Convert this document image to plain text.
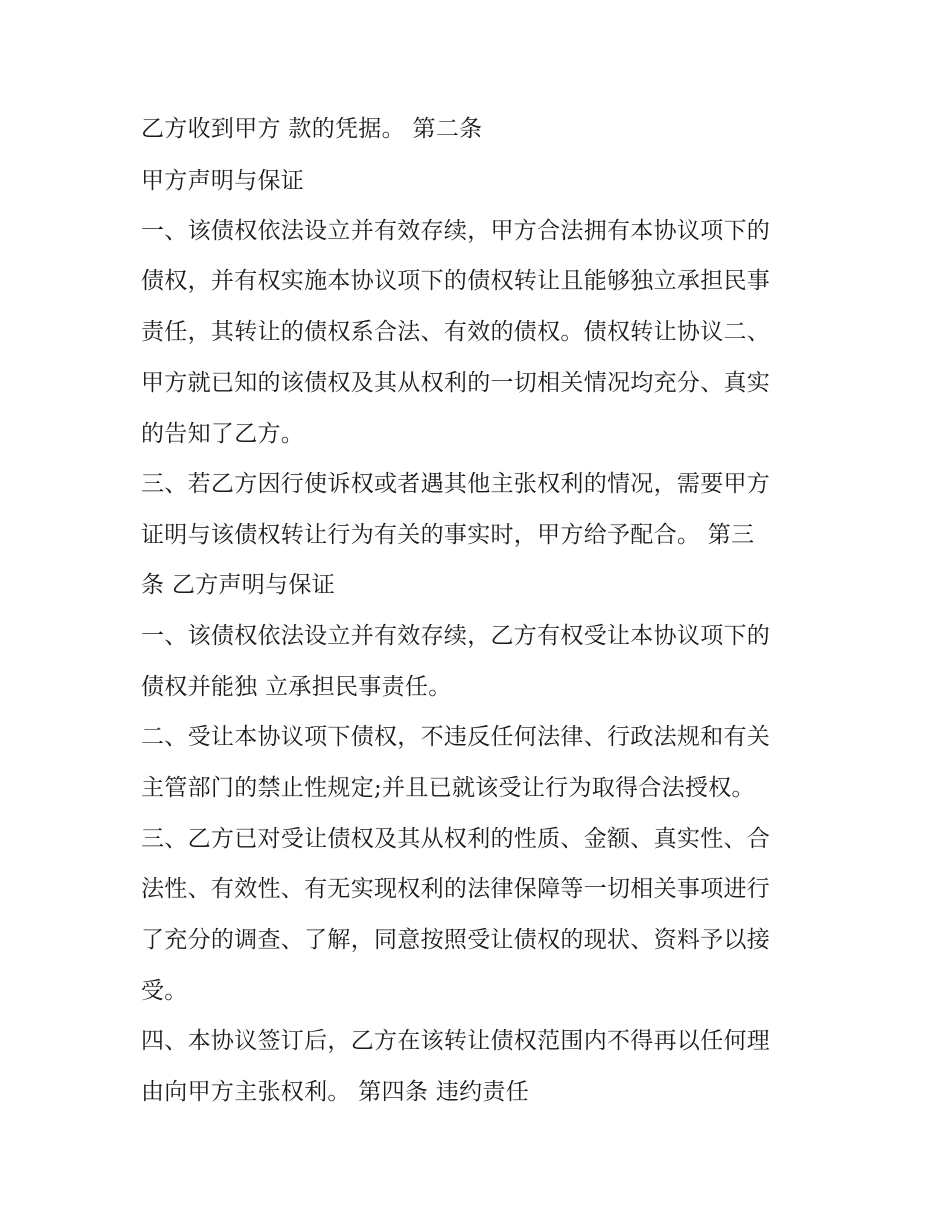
乙方收到甲方 款的凭据。 第二条

甲方声明与保证

一、该债权依法设立并有效存续，甲方合法拥有本协议项下的

债权，并有权实施本协议项下的债权转让且能够独立承担民事

责任，其转让的债权系合法、有效的债权。债权转让协议二、

甲方就已知的该债权及其从权利的一切相关情况均充分、真实

的告知了乙方。

三、若乙方因行使诉权或者遇其他主张权利的情况，需要甲方

证明与该债权转让行为有关的事实时，甲方给予配合。 第三

条 乙方声明与保证

一、该债权依法设立并有效存续，乙方有权受让本协议项下的

债权并能独 立承担民事责任。

二、受让本协议项下债权，不违反任何法律、行政法规和有关

主管部门的禁止性规定;并且已就该受让行为取得合法授权。

三、乙方已对受让债权及其从权利的性质、金额、真实性、合

法性、有效性、有无实现权利的法律保障等一切相关事项进行

了充分的调查、了解，同意按照受让债权的现状、资料予以接

受。

四、本协议签订后，乙方在该转让债权范围内不得再以任何理

由向甲方主张权利。 第四条 违约责任
